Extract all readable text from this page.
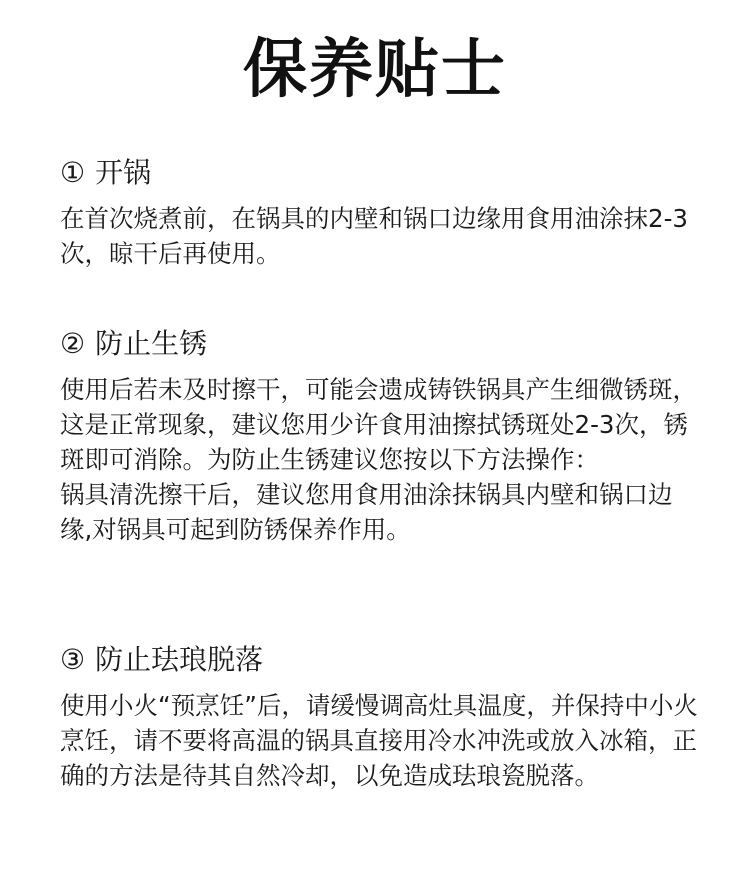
保养贴士
① 开锅

在首次烧煮前，在锅具的内壁和锅口边缘用食用油涂抹2-3次，晾干后再使用。

② 防止生锈

使用后若未及时擦干，可能会遗成铸铁锅具产生细微锈斑，这是正常现象，建议您用少许食用油擦拭锈斑处2-3次，锈斑即可消除。为防止生锈建议您按以下方法操作：

锅具清洗擦干后，建议您用食用油涂抹锅具内壁和锅口边缘,对锅具可起到防锈保养作用。

③ 防止珐琅脱落

使用小火“预烹饪”后，请缓慢调高灶具温度，并保持中小火烹饪，请不要将高温的锅具直接用冷水冲洗或放入冰箱，正确的方法是待其自然冷却，以免造成珐琅瓷脱落。
